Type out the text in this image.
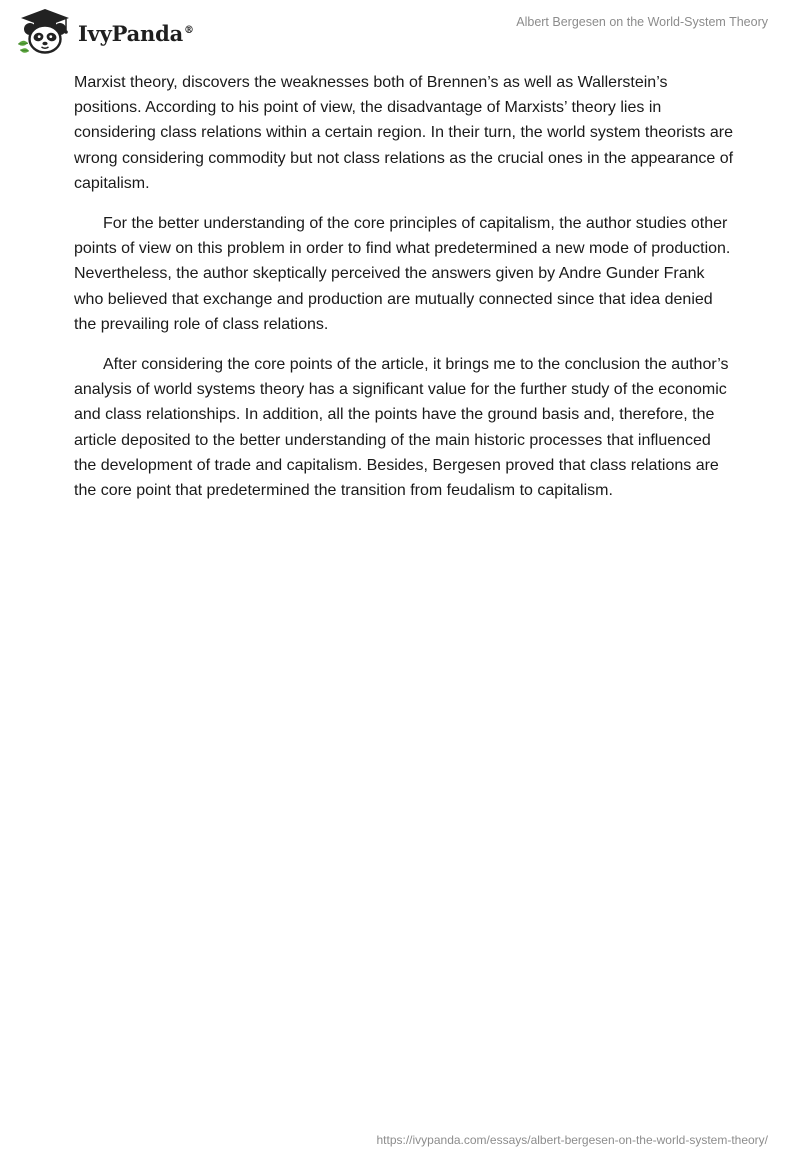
IvyPanda®
Albert Bergesen on the World-System Theory

Marxist theory, discovers the weaknesses both of Brennen’s as well as Wallerstein’s positions. According to his point of view, the disadvantage of Marxists’ theory lies in considering class relations within a certain region. In their turn, the world system theorists are wrong considering commodity but not class relations as the crucial ones in the appearance of capitalism.

For the better understanding of the core principles of capitalism, the author studies other points of view on this problem in order to find what predetermined a new mode of production. Nevertheless, the author skeptically perceived the answers given by Andre Gunder Frank who believed that exchange and production are mutually connected since that idea denied the prevailing role of class relations.

After considering the core points of the article, it brings me to the conclusion the author’s analysis of world systems theory has a significant value for the further study of the economic and class relationships. In addition, all the points have the ground basis and, therefore, the article deposited to the better understanding of the main historic processes that influenced the development of trade and capitalism. Besides, Bergesen proved that class relations are the core point that predetermined the transition from feudalism to capitalism.

https://ivypanda.com/essays/albert-bergesen-on-the-world-system-theory/
